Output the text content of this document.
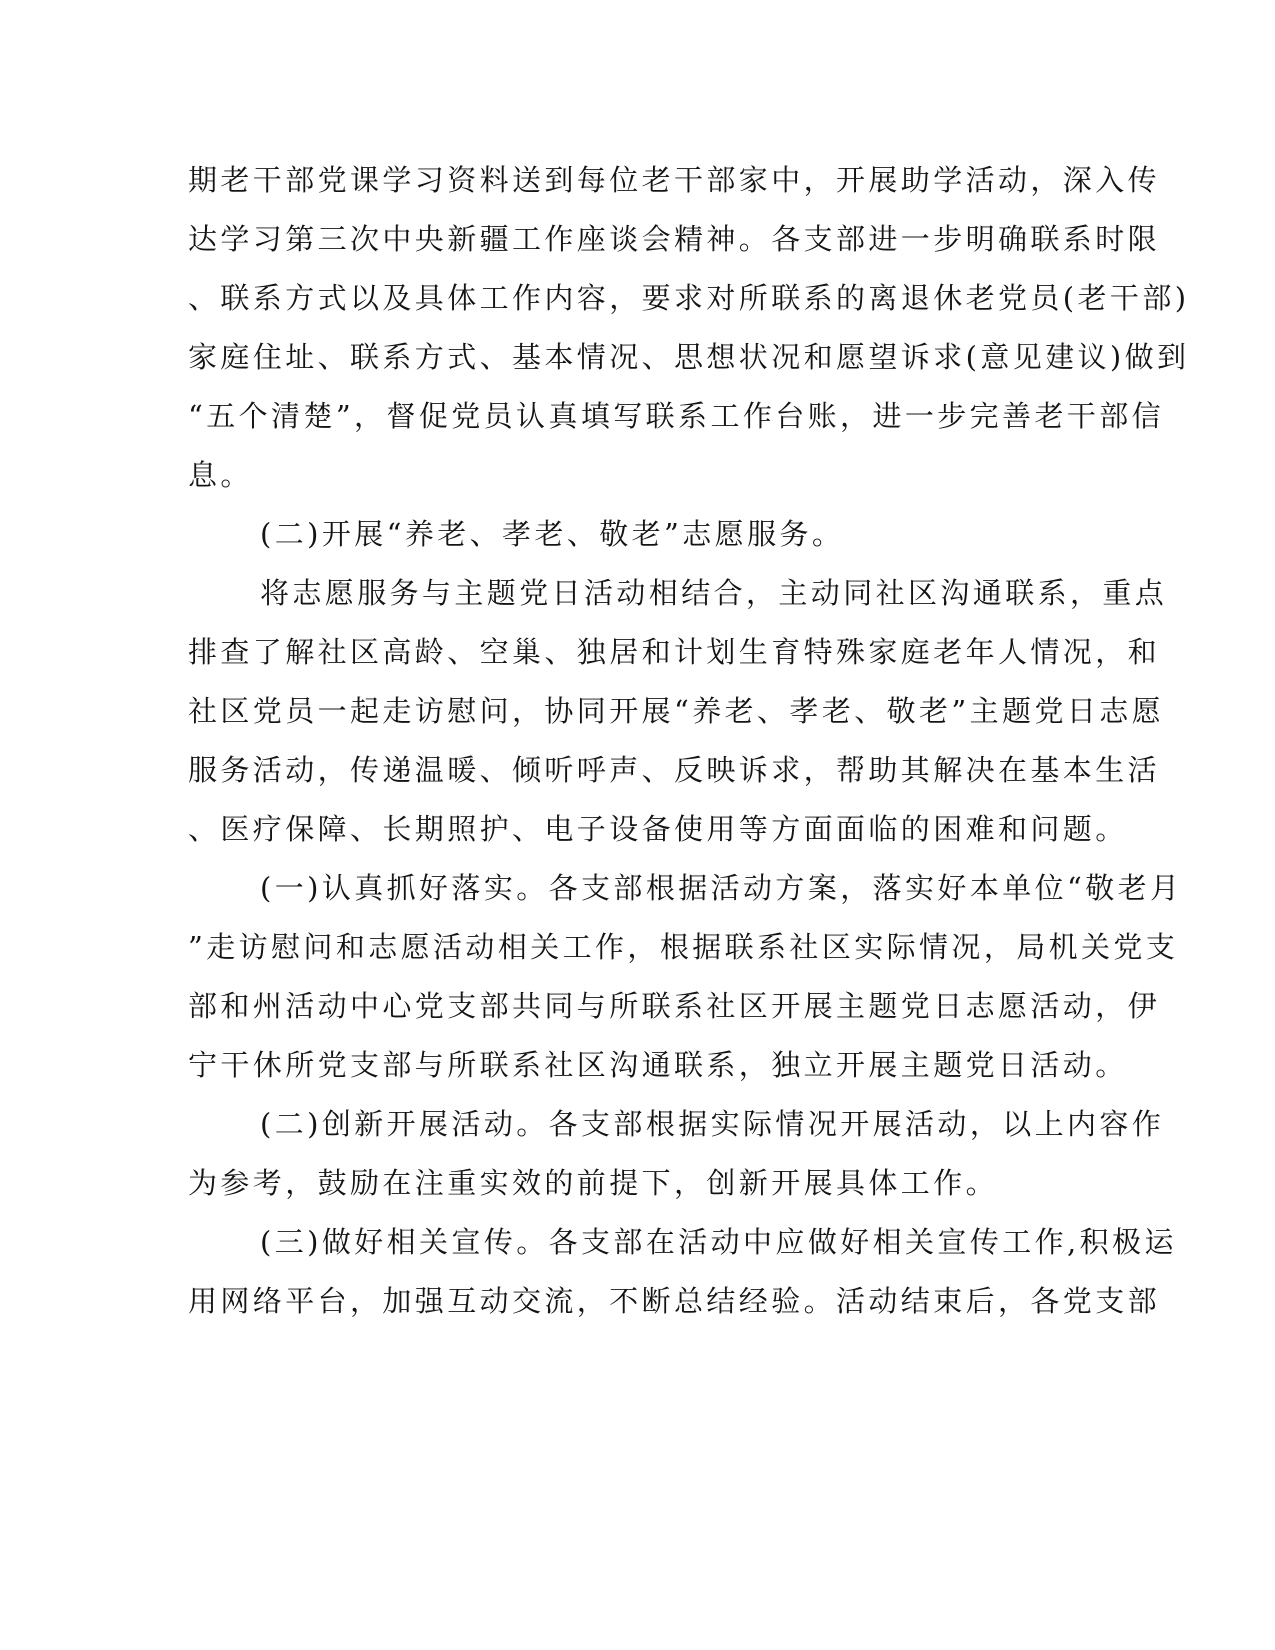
期老干部党课学习资料送到每位老干部家中，开展助学活动，深入传

达学习第三次中央新疆工作座谈会精神。各支部进一步明确联系时限

、联系方式以及具体工作内容，要求对所联系的离退休老党员(老干部)

家庭住址、联系方式、基本情况、思想状况和愿望诉求(意见建议)做到

“五个清楚”，督促党员认真填写联系工作台账，进一步完善老干部信

息。

(二)开展“养老、孝老、敬老”志愿服务。

将志愿服务与主题党日活动相结合，主动同社区沟通联系，重点

排查了解社区高龄、空巢、独居和计划生育特殊家庭老年人情况，和

社区党员一起走访慰问，协同开展“养老、孝老、敬老”主题党日志愿

服务活动，传递温暖、倾听呼声、反映诉求，帮助其解决在基本生活

、医疗保障、长期照护、电子设备使用等方面面临的困难和问题。

(一)认真抓好落实。各支部根据活动方案，落实好本单位“敬老月

”走访慰问和志愿活动相关工作，根据联系社区实际情况，局机关党支

部和州活动中心党支部共同与所联系社区开展主题党日志愿活动，伊

宁干休所党支部与所联系社区沟通联系，独立开展主题党日活动。

(二)创新开展活动。各支部根据实际情况开展活动，以上内容作

为参考，鼓励在注重实效的前提下，创新开展具体工作。

(三)做好相关宣传。各支部在活动中应做好相关宣传工作,积极运

用网络平台，加强互动交流，不断总结经验。活动结束后，各党支部
